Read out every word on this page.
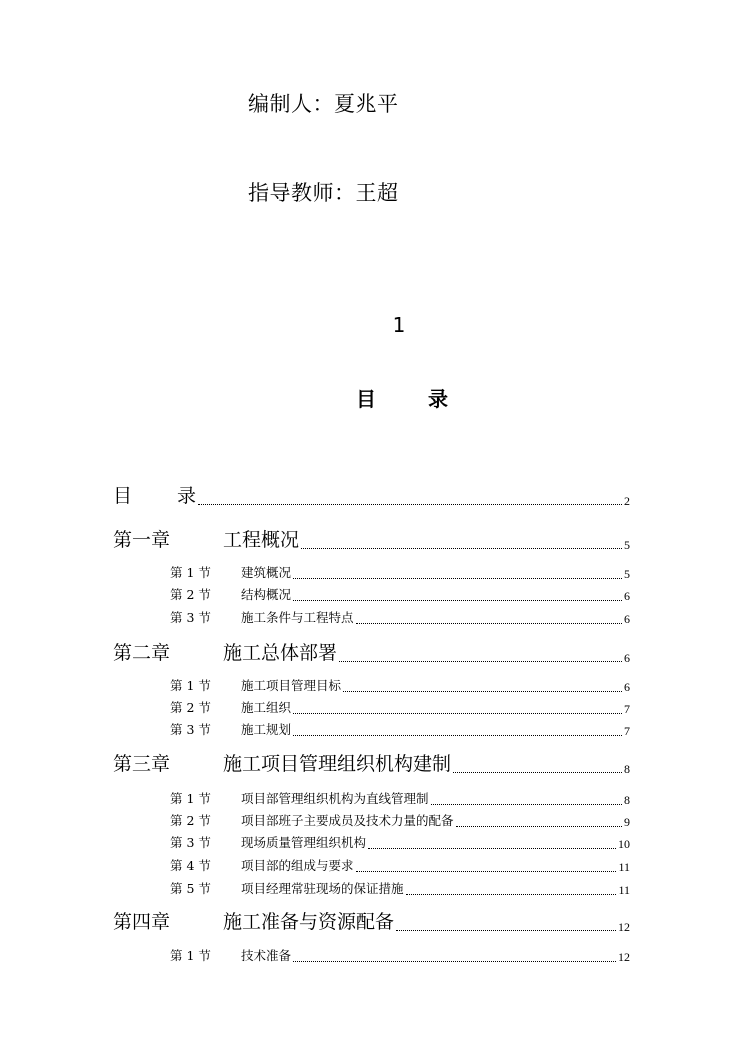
编制人：夏兆平
指导教师：王超
1
目录
目录	2
第一章	工程概况	5
第 1 节	建筑概况	5
第 2 节	结构概况	6
第 3 节	施工条件与工程特点	6
第二章	施工总体部署	6
第 1 节	施工项目管理目标	6
第 2 节	施工组织	7
第 3 节	施工规划	7
第三章	施工项目管理组织机构建制	8
第 1 节	项目部管理组织机构为直线管理制	8
第 2 节	项目部班子主要成员及技术力量的配备	9
第 3 节	现场质量管理组织机构	10
第 4 节	项目部的组成与要求	11
第 5 节	项目经理常驻现场的保证措施	11
第四章	施工准备与资源配备	12
第 1 节	技术准备	12
